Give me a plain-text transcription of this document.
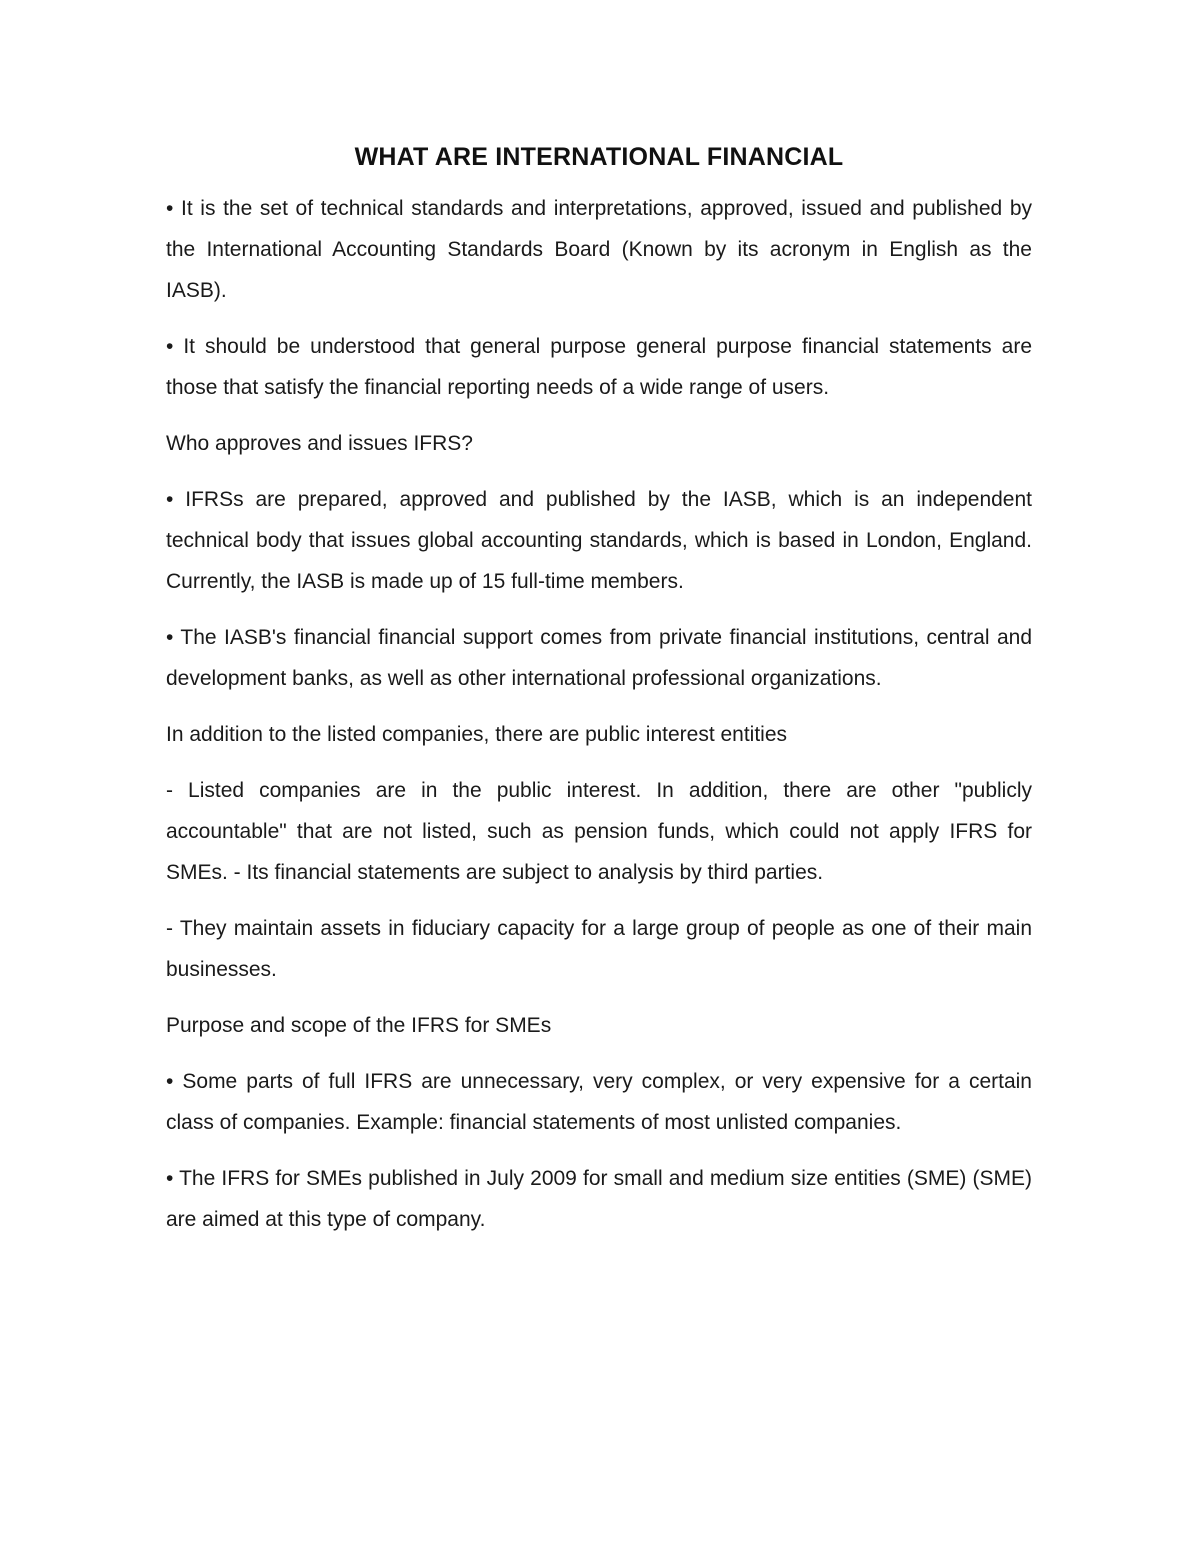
WHAT ARE INTERNATIONAL FINANCIAL

• It is the set of technical standards and interpretations, approved, issued and published by the International Accounting Standards Board (Known by its acronym in English as the IASB).

• It should be understood that general purpose general purpose financial statements are those that satisfy the financial reporting needs of a wide range of users.

Who approves and issues IFRS?

• IFRSs are prepared, approved and published by the IASB, which is an independent technical body that issues global accounting standards, which is based in London, England. Currently, the IASB is made up of 15 full-time members.

• The IASB's financial financial support comes from private financial institutions, central and development banks, as well as other international professional organizations.

In addition to the listed companies, there are public interest entities

- Listed companies are in the public interest. In addition, there are other "publicly accountable" that are not listed, such as pension funds, which could not apply IFRS for SMEs. - Its financial statements are subject to analysis by third parties.

- They maintain assets in fiduciary capacity for a large group of people as one of their main businesses.

Purpose and scope of the IFRS for SMEs

• Some parts of full IFRS are unnecessary, very complex, or very expensive for a certain class of companies. Example: financial statements of most unlisted companies.

• The IFRS for SMEs published in July 2009 for small and medium size entities (SME) (SME) are aimed at this type of company.
